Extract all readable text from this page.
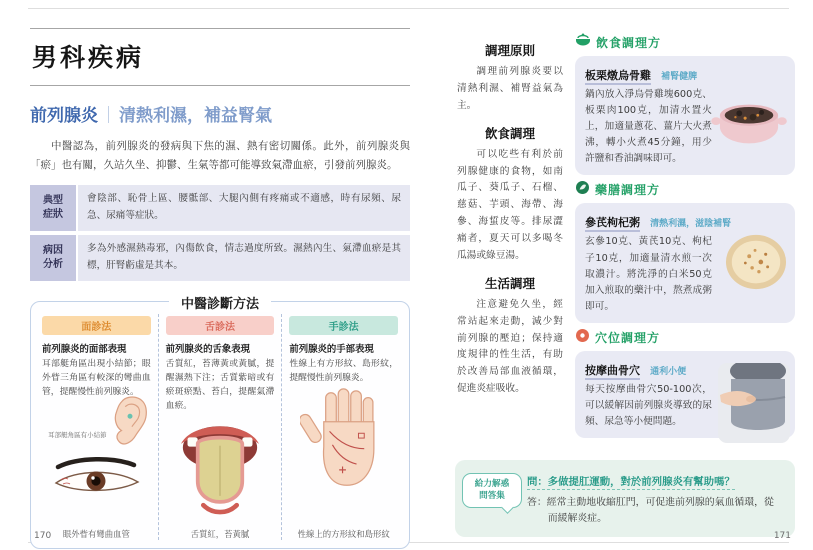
男科疾病
前列腺炎 ｜ 清熱利濕，補益腎氣
中醫認為，前列腺炎的發病與下焦的濕、熱有密切關係。此外，前列腺炎與「瘀」也有關，久站久坐、抑鬱、生氣等都可能導致氣滯血瘀，引發前列腺炎。
典型症狀
會陰部、恥骨上區、腰骶部、大腿內側有疼痛或不適感，時有尿頻、尿急、尿痛等症狀。
病因分析
多為外感濕熱毒邪，內傷飲食，情志過度所致。濕熱內生、氣滯血瘀是其標，肝腎虧虛是其本。
中醫診斷方法
面診法
前列腺炎的面部表現
耳部艇角區出現小結節；眼外眥三角區有較深的彎曲血管，提醒慢性前列腺炎。
耳部艇角區有小結節
眼外眥有彎曲血管
舌診法
前列腺炎的舌象表現
舌質紅，苔薄黃或黃膩，提醒濕熱下注；舌質紫暗或有瘀斑瘀點、苔白，提醒氣滯血瘀。
舌質紅，苔黃膩
手診法
前列腺炎的手部表現
性線上有方形紋、島形紋，提醒慢性前列腺炎。
性線上的方形紋和島形紋
170
調理原則
調理前列腺炎要以清熱利濕、補腎益氣為主。
飲食調理
可以吃些有利於前列腺健康的食物，如南瓜子、葵瓜子、石榴、慈菇、芋頭、海帶、海參、海蜇皮等。排尿澀痛者，夏天可以多喝冬瓜湯或綠豆湯。
生活調理
注意避免久坐，經常站起來走動，減少對前列腺的壓迫；保持適度規律的性生活，有助於改善局部血液循環，促進炎症吸收。
飲食調理方
板栗燉烏骨雞 補腎健脾
鍋內放入淨烏骨雞塊600克、板栗肉100克，加清水置火上，加適量蔥花、薑片大火煮沸，轉小火煮45分鐘，用少許鹽和香油調味即可。
藥膳調理方
參芪枸杞粥 清熱利濕，滋陰補腎
玄參10克、黃芪10克、枸杞子10克，加適量清水煎一次取濃汁。將洗淨的白米50克加入煎取的藥汁中，熬煮成粥即可。
穴位調理方
按摩曲骨穴 通利小便
每天按摩曲骨穴50-100次，可以緩解因前列腺炎導致的尿頻、尿急等小便問題。
給力解惑
問答集
問：多做提肛運動，對於前列腺炎有幫助嗎？
答：經常主動地收縮肛門，可促進前列腺的氣血循環，從而緩解炎症。
171
